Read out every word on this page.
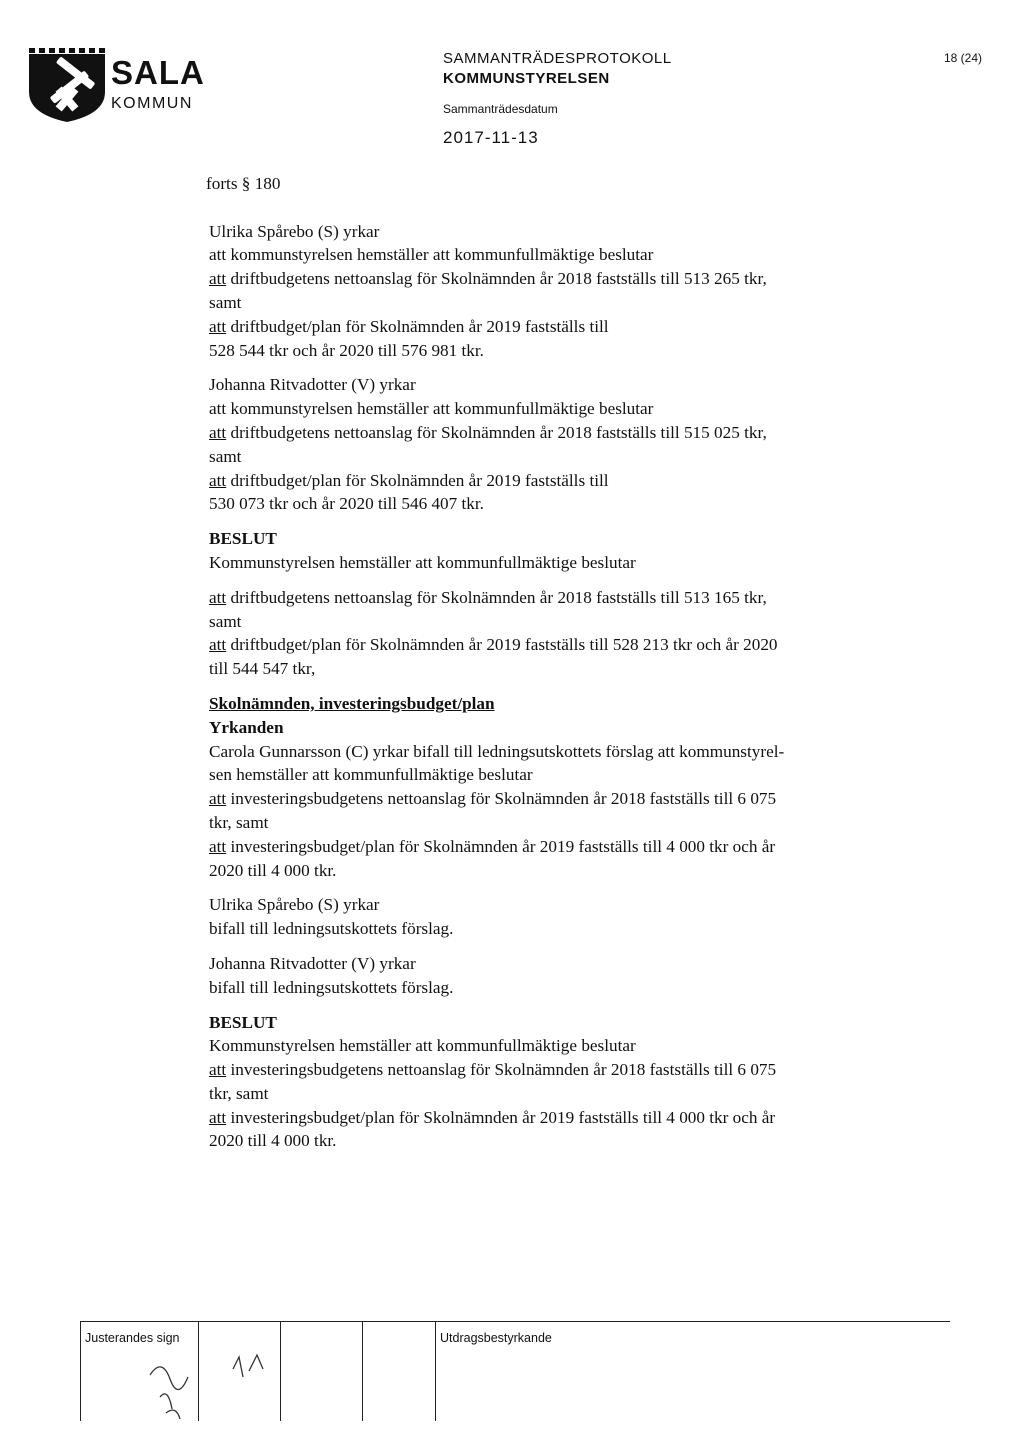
SALA
KOMMUN
SAMMANTRÄDESPROTOKOLL
KOMMUNSTYRELSEN
Sammanträdesdatum
2017-11-13
18 (24)

forts § 180

Ulrika Spårebo (S) yrkar

att kommunstyrelsen hemställer att kommunfullmäktige beslutar

att driftbudgetens nettoanslag för Skolnämnden år 2018 fastställs till 513 265 tkr,

samt

att driftbudget/plan för Skolnämnden år 2019 fastställs till

528 544 tkr och år 2020 till 576 981 tkr.

Johanna Ritvadotter (V) yrkar

att kommunstyrelsen hemställer att kommunfullmäktige beslutar

att driftbudgetens nettoanslag för Skolnämnden år 2018 fastställs till 515 025 tkr,

samt

att driftbudget/plan för Skolnämnden år 2019 fastställs till

530 073 tkr och år 2020 till 546 407 tkr.

BESLUT

Kommunstyrelsen hemställer att kommunfullmäktige beslutar

att driftbudgetens nettoanslag för Skolnämnden år 2018 fastställs till 513 165 tkr,

samt

att driftbudget/plan för Skolnämnden år 2019 fastställs till 528 213 tkr och år 2020

till 544 547 tkr,

Skolnämnden, investeringsbudget/plan

Yrkanden

Carola Gunnarsson (C) yrkar bifall till ledningsutskottets förslag att kommunstyrel-

sen hemställer att kommunfullmäktige beslutar

att investeringsbudgetens nettoanslag för Skolnämnden år 2018 fastställs till 6 075

tkr, samt

att investeringsbudget/plan för Skolnämnden år 2019 fastställs till 4 000 tkr och år

2020 till 4 000 tkr.

Ulrika Spårebo (S) yrkar

bifall till ledningsutskottets förslag.

Johanna Ritvadotter (V) yrkar

bifall till ledningsutskottets förslag.

BESLUT

Kommunstyrelsen hemställer att kommunfullmäktige beslutar

att investeringsbudgetens nettoanslag för Skolnämnden år 2018 fastställs till 6 075

tkr, samt

att investeringsbudget/plan för Skolnämnden år 2019 fastställs till 4 000 tkr och år

2020 till 4 000 tkr.

Justerandes sign	Utdragsbestyrkande
